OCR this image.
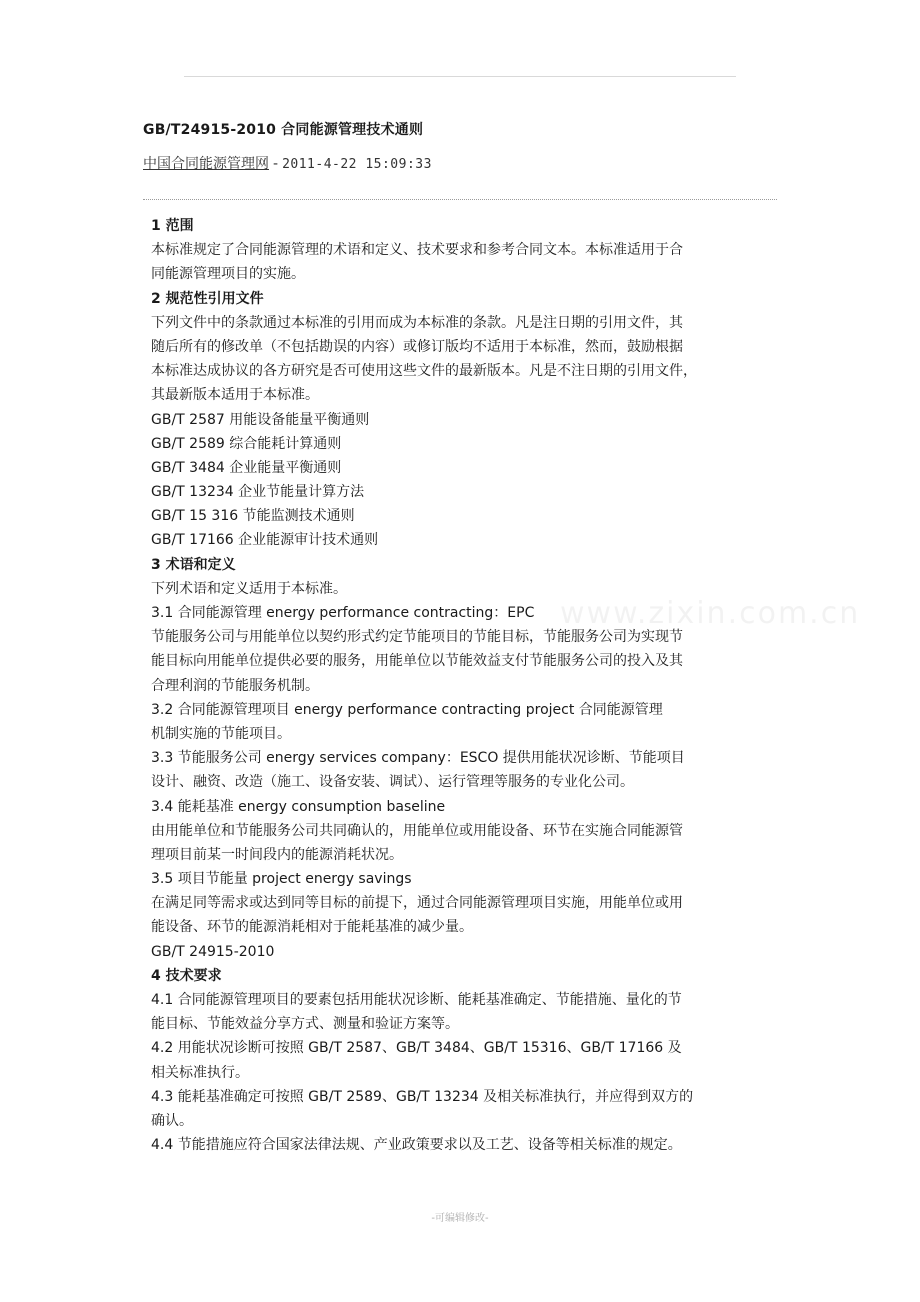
GB/T24915-2010 合同能源管理技术通则
中国合同能源管理网 - 2011-4-22 15:09:33
www.zixin.com.cn
1 范围
本标准规定了合同能源管理的术语和定义、技术要求和参考合同文本。本标准适用于合
同能源管理项目的实施。
2 规范性引用文件
下列文件中的条款通过本标准的引用而成为本标准的条款。凡是注日期的引用文件，其
随后所有的修改单（不包括勘误的内容）或修订版均不适用于本标准，然而，鼓励根据
本标准达成协议的各方研究是否可使用这些文件的最新版本。凡是不注日期的引用文件，
其最新版本适用于本标准。
GB/T 2587 用能设备能量平衡通则
GB/T 2589 综合能耗计算通则
GB/T 3484 企业能量平衡通则
GB/T 13234 企业节能量计算方法
GB/T 15 316 节能监测技术通则
GB/T 17166 企业能源审计技术通则
3 术语和定义
下列术语和定义适用于本标准。
3.1 合同能源管理 energy performance contracting：EPC
节能服务公司与用能单位以契约形式约定节能项目的节能目标，节能服务公司为实现节
能目标向用能单位提供必要的服务，用能单位以节能效益支付节能服务公司的投入及其
合理利润的节能服务机制。
3.2 合同能源管理项目 energy performance contracting project 合同能源管理
机制实施的节能项目。
3.3 节能服务公司 energy services company：ESCO 提供用能状况诊断、节能项目
设计、融资、改造（施工、设备安装、调试）、运行管理等服务的专业化公司。
3.4 能耗基准 energy consumption baseline
由用能单位和节能服务公司共同确认的，用能单位或用能设备、环节在实施合同能源管
理项目前某一时间段内的能源消耗状况。
3.5 项目节能量 project energy savings
在满足同等需求或达到同等目标的前提下，通过合同能源管理项目实施，用能单位或用
能设备、环节的能源消耗相对于能耗基准的减少量。
GB/T 24915-2010
4 技术要求
4.1 合同能源管理项目的要素包括用能状况诊断、能耗基准确定、节能措施、量化的节
能目标、节能效益分享方式、测量和验证方案等。
4.2 用能状况诊断可按照 GB/T 2587、GB/T 3484、GB/T 15316、GB/T 17166 及
相关标准执行。
4.3 能耗基准确定可按照 GB/T 2589、GB/T 13234 及相关标准执行，并应得到双方的
确认。
4.4 节能措施应符合国家法律法规、产业政策要求以及工艺、设备等相关标准的规定。
-可编辑修改-
